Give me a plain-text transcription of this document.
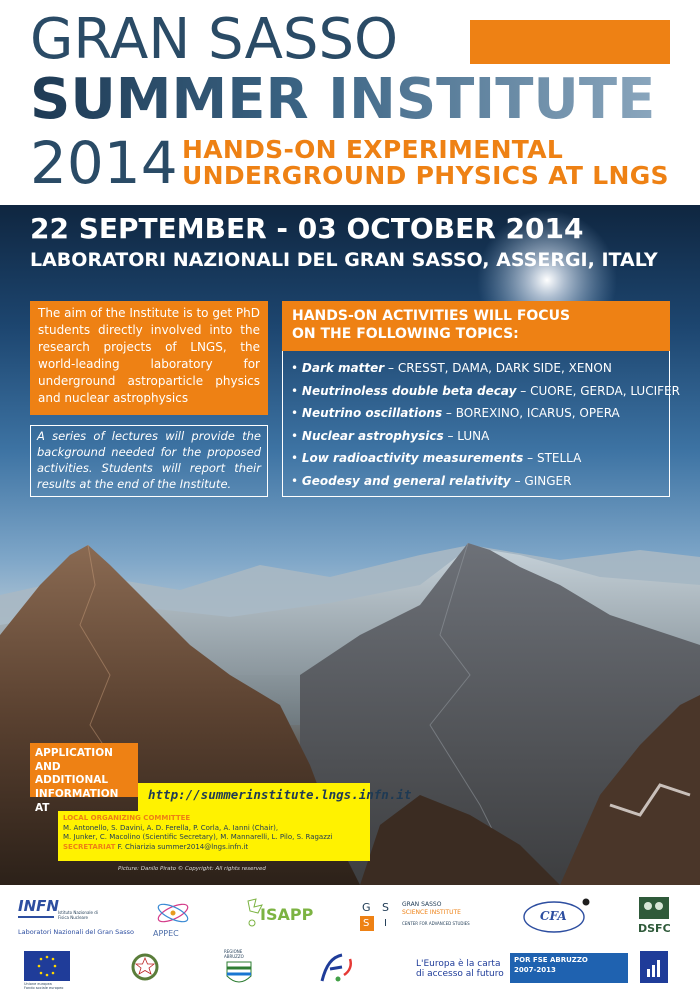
GRAN SASSO
SUMMER INSTITUTE
2014 HANDS-ON EXPERIMENTAL
UNDERGROUND PHYSICS AT LNGS
22 SEPTEMBER - 03 OCTOBER 2014
LABORATORI NAZIONALI DEL GRAN SASSO, ASSERGI, ITALY
The aim of the Institute is to get PhD students directly involved into the research projects of LNGS, the world-leading laboratory for underground astroparticle physics and nuclear astrophysics
A series of lectures will provide the background needed for the proposed activities. Students will report their results at the end of the Institute.
HANDS-ON ACTIVITIES WILL FOCUS
ON THE FOLLOWING TOPICS:
• Dark matter – CRESST, DAMA, DARK SIDE, XENON
• Neutrinoless double beta decay – CUORE, GERDA, LUCIFER
• Neutrino oscillations – BOREXINO, ICARUS, OPERA
• Nuclear astrophysics – LUNA
• Low radioactivity measurements – STELLA
• Geodesy and general relativity – GINGER
APPLICATION
AND ADDITIONAL
INFORMATION AT
http://summerinstitute.lngs.infn.it
LOCAL ORGANIZING COMMITTEE
M. Antonello, S. Davini, A. D. Ferella, P. Corla, A. Ianni (Chair),
M. Junker, C. Macolino (Scientific Secretary), M. Mannarelli, L. Pilo, S. Ragazzi
SECRETARIAT F. Chiarizia summer2014@lngs.infn.it
Picture: Danilo Pirato © Copyright: All rights reserved
INFN Istituto Nazionale di Fisica Nucleare
Laboratori Nazionali del Gran Sasso APPEC
ISAPP	G S
S I
GRAN SASSO
SCIENCE INSTITUTE
CENTER FOR ADVANCED STUDIES
CFA
DSFC
Unione europea
Fondo sociale europeo
REGIONE
ABRUZZO
L'Europa è la carta
di accesso al futuro
POR FSE ABRUZZO
2007-2013
